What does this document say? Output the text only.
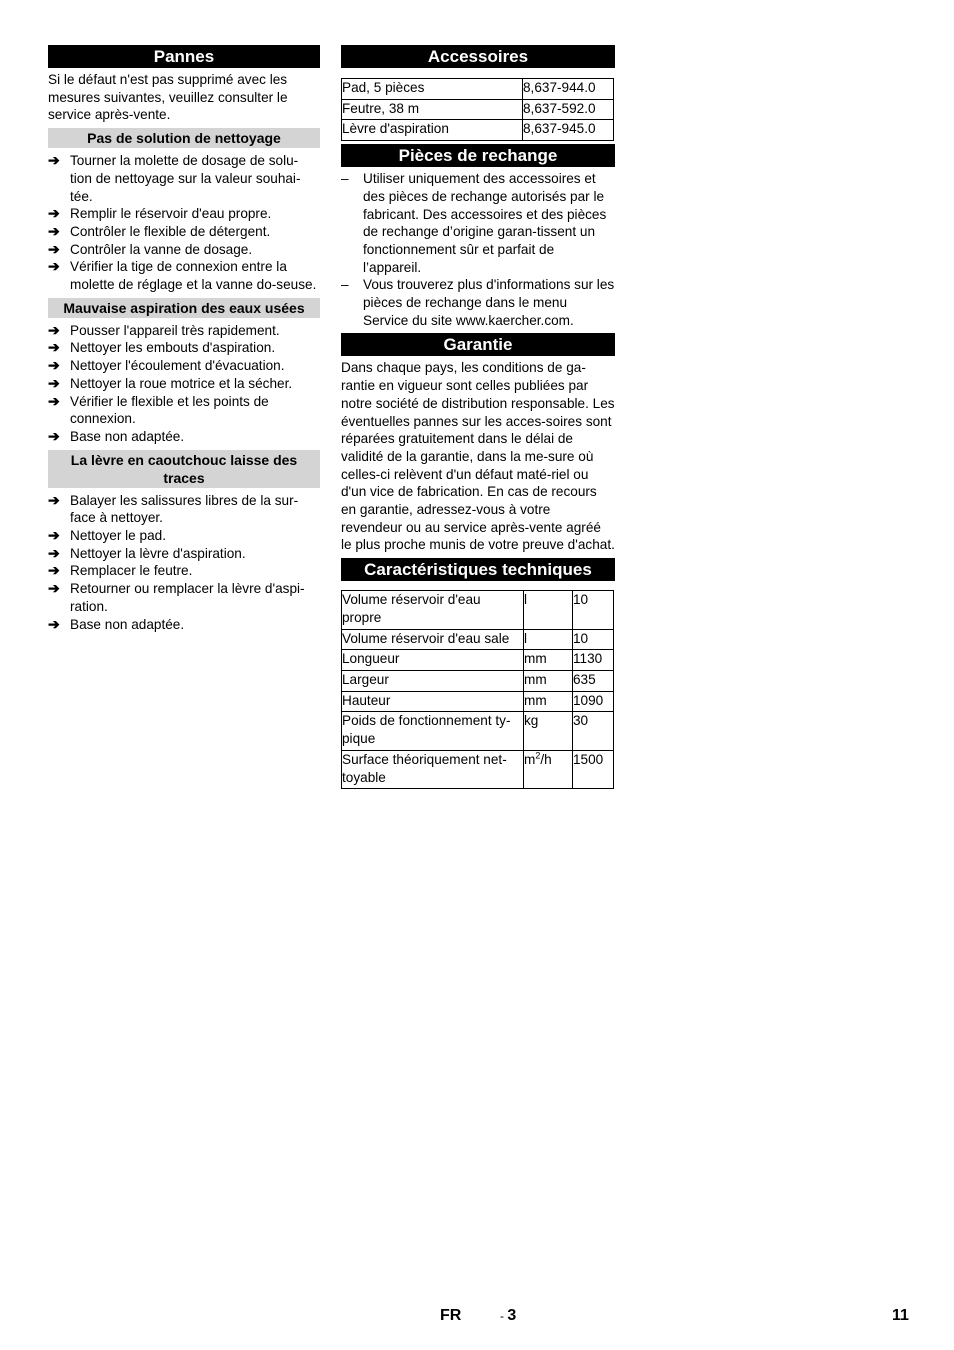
Pannes
Si le défaut n'est pas supprimé avec les mesures suivantes, veuillez consulter le service après-vente.
Pas de solution de nettoyage
➔ Tourner la molette de dosage de solu-tion de nettoyage sur la valeur souhai-tée.
➔ Remplir le réservoir d'eau propre.
➔ Contrôler le flexible de détergent.
➔ Contrôler la vanne de dosage.
➔ Vérifier la tige de connexion entre la molette de réglage et la vanne do-seuse.
Mauvaise aspiration des eaux usées
➔ Pousser l'appareil très rapidement.
➔ Nettoyer les embouts d'aspiration.
➔ Nettoyer l'écoulement d'évacuation.
➔ Nettoyer la roue motrice et la sécher.
➔ Vérifier le flexible et les points de connexion.
➔ Base non adaptée.
La lèvre en caoutchouc laisse des traces
➔ Balayer les salissures libres de la sur-face à nettoyer.
➔ Nettoyer le pad.
➔ Nettoyer la lèvre d'aspiration.
➔ Remplacer le feutre.
➔ Retourner ou remplacer la lèvre d'aspi-ration.
➔ Base non adaptée.
Accessoires
Pad, 5 pièces	8,637-944.0
Feutre, 38 m	8,637-592.0
Lèvre d'aspiration	8,637-945.0
Pièces de rechange
– Utiliser uniquement des accessoires et des pièces de rechange autorisés par le fabricant. Des accessoires et des pièces de rechange d’origine garan-tissent un fonctionnement sûr et parfait de l’appareil.
– Vous trouverez plus d'informations sur les pièces de rechange dans le menu Service du site www.kaercher.com.
Garantie
Dans chaque pays, les conditions de ga-rantie en vigueur sont celles publiées par notre société de distribution responsable. Les éventuelles pannes sur les acces-soires sont réparées gratuitement dans le délai de validité de la garantie, dans la me-sure où celles-ci relèvent d'un défaut maté-riel ou d'un vice de fabrication. En cas de recours en garantie, adressez-vous à votre revendeur ou au service après-vente agréé le plus proche munis de votre preuve d'achat.
Caractéristiques techniques
Volume réservoir d'eau propre	l	10
Volume réservoir d'eau sale	l	10
Longueur	mm	1130
Largeur	mm	635
Hauteur	mm	1090
Poids de fonctionnement ty-pique	kg	30
Surface théoriquement net-toyable	$m^2/h$	1500
FR	- 3	11
